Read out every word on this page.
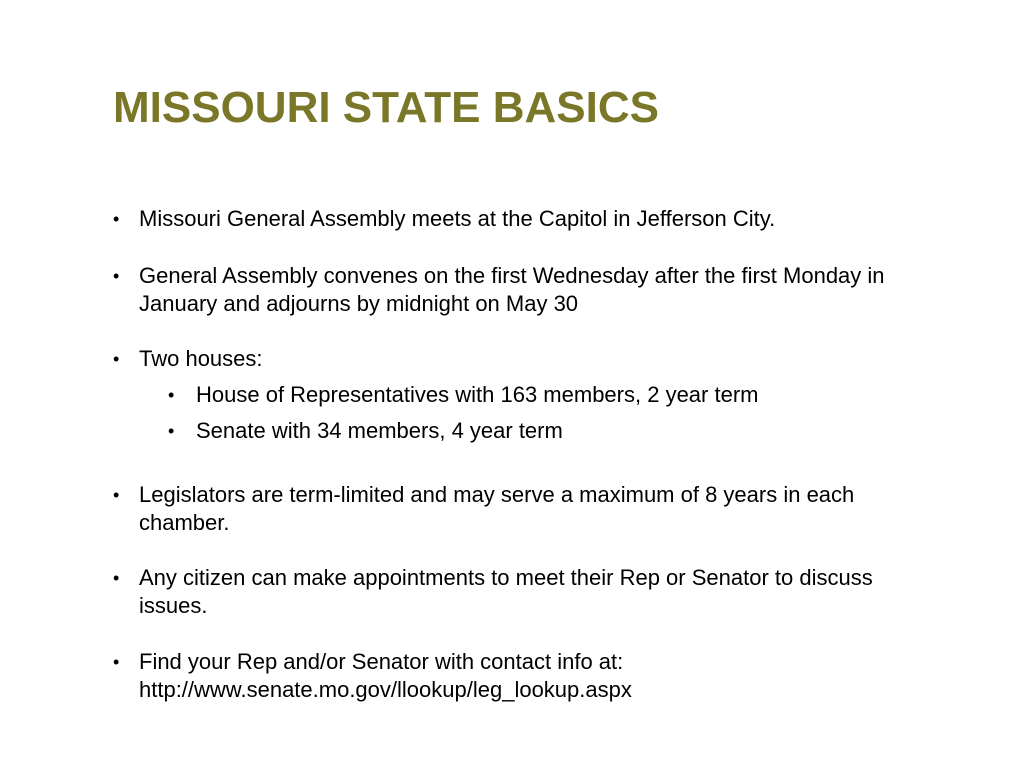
MISSOURI STATE BASICS
• Missouri General Assembly meets at the Capitol in Jefferson City.
• General Assembly convenes on the first Wednesday after the first Monday in January and adjourns by midnight on May 30
• Two houses:
• House of Representatives with 163 members, 2 year term
• Senate with 34 members, 4 year term
• Legislators are term-limited and may serve a maximum of 8 years in each chamber.
• Any citizen can make appointments to meet their Rep or Senator to discuss issues.
• Find your Rep and/or Senator with contact info at: http://www.senate.mo.gov/llookup/leg_lookup.aspx
